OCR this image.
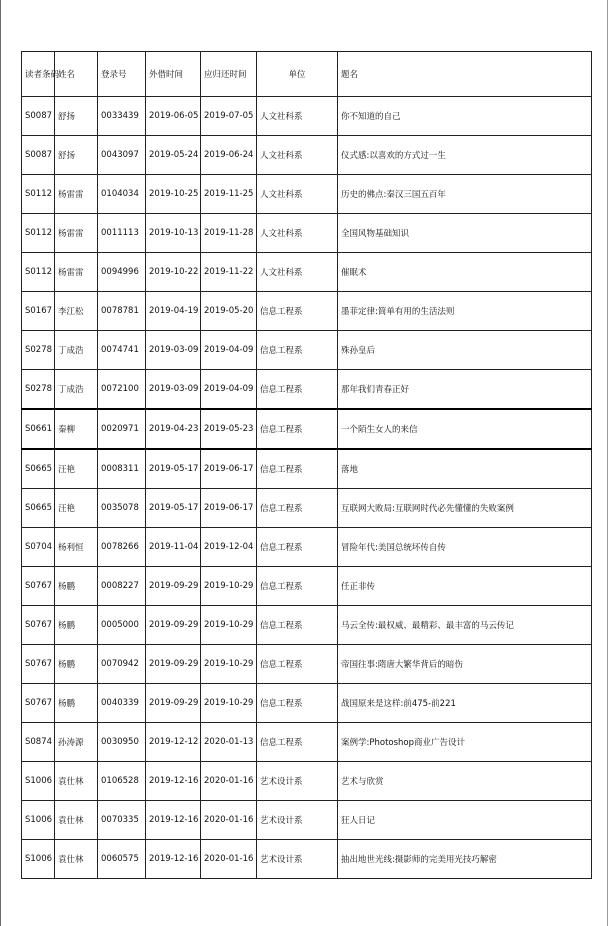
读者条码	姓名	登录号	外借时间	应归还时间	单位	题名
S0087	舒扬	0033439	2019-06-05	2019-07-05	人文社科系	你不知道的自己
S0087	舒扬	0043097	2019-05-24	2019-06-24	人文社科系	仪式感:以喜欢的方式过一生
S0112	杨雷雷	0104034	2019-10-25	2019-11-25	人文社科系	历史的佛点:秦汉三国五百年
S0112	杨雷雷	0011113	2019-10-13	2019-11-28	人文社科系	全国风物基础知识
S0112	杨雷雷	0094996	2019-10-22	2019-11-22	人文社科系	催眠术
S0167	李江松	0078781	2019-04-19	2019-05-20	信息工程系	墨菲定律:简单有用的生活法则
S0278	丁成浩	0074741	2019-03-09	2019-04-09	信息工程系	殊孙皇后
S0278	丁成浩	0072100	2019-03-09	2019-04-09	信息工程系	那年我们青春正好
S0661	秦柳	0020971	2019-04-23	2019-05-23	信息工程系	一个陌生女人的来信
S0665	汪艳	0008311	2019-05-17	2019-06-17	信息工程系	落地
S0665	汪艳	0035078	2019-05-17	2019-06-17	信息工程系	互联网大败局:互联网时代必先懂懂的失败案例
S0704	杨利恒	0078266	2019-11-04	2019-12-04	信息工程系	冒险年代:美国总统坏传自传
S0767	杨鹏	0008227	2019-09-29	2019-10-29	信息工程系	任正非传
S0767	杨鹏	0005000	2019-09-29	2019-10-29	信息工程系	马云全传:最权威、最精彩、最丰富的马云传记
S0767	杨鹏	0070942	2019-09-29	2019-10-29	信息工程系	帝国往事:隋唐大繁华背后的暗伤
S0767	杨鹏	0040339	2019-09-29	2019-10-29	信息工程系	战国原来是这样:前475-前221
S0874	孙涛源	0030950	2019-12-12	2020-01-13	信息工程系	案例学:Photoshop商业广告设计
S1006	袁仕林	0106528	2019-12-16	2020-01-16	艺术设计系	艺术与欣赏
S1006	袁仕林	0070335	2019-12-16	2020-01-16	艺术设计系	狂人日记
S1006	袁仕林	0060575	2019-12-16	2020-01-16	艺术设计系	抽出地世光线:摄影师的完美用光技巧解密
